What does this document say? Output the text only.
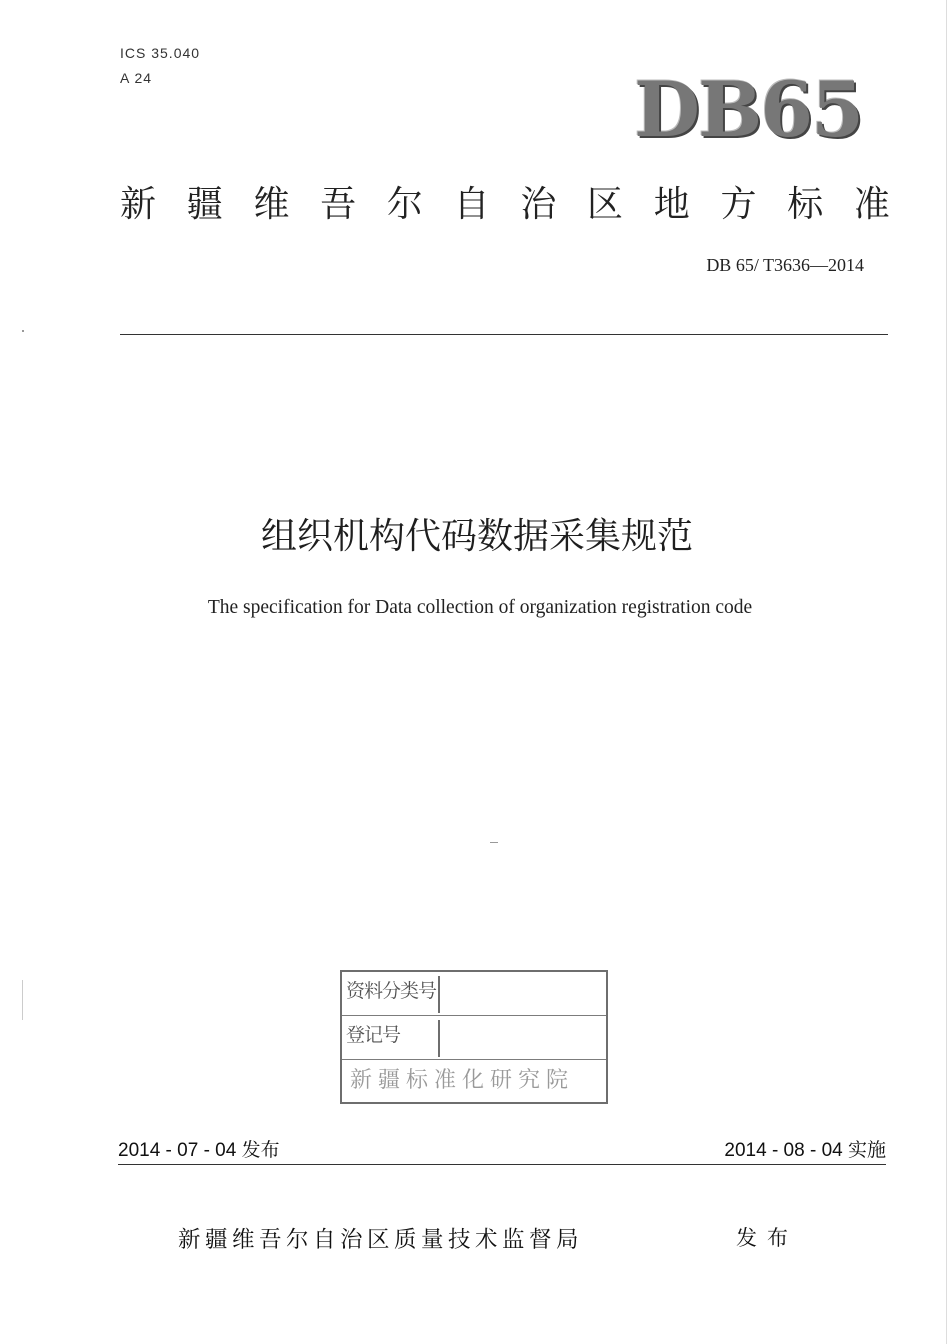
ICS 35.040
A 24	DB65
新 疆 维 吾 尔 自 治 区 地 方 标 准
DB 65/ T3636—2014
组织机构代码数据采集规范
The specification for Data collection of organization registration code
资料分类号
登记号
新疆标准化研究院
2014 - 07 - 04 发布	2014 - 08 - 04 实施
新疆维吾尔自治区质量技术监督局	发布
